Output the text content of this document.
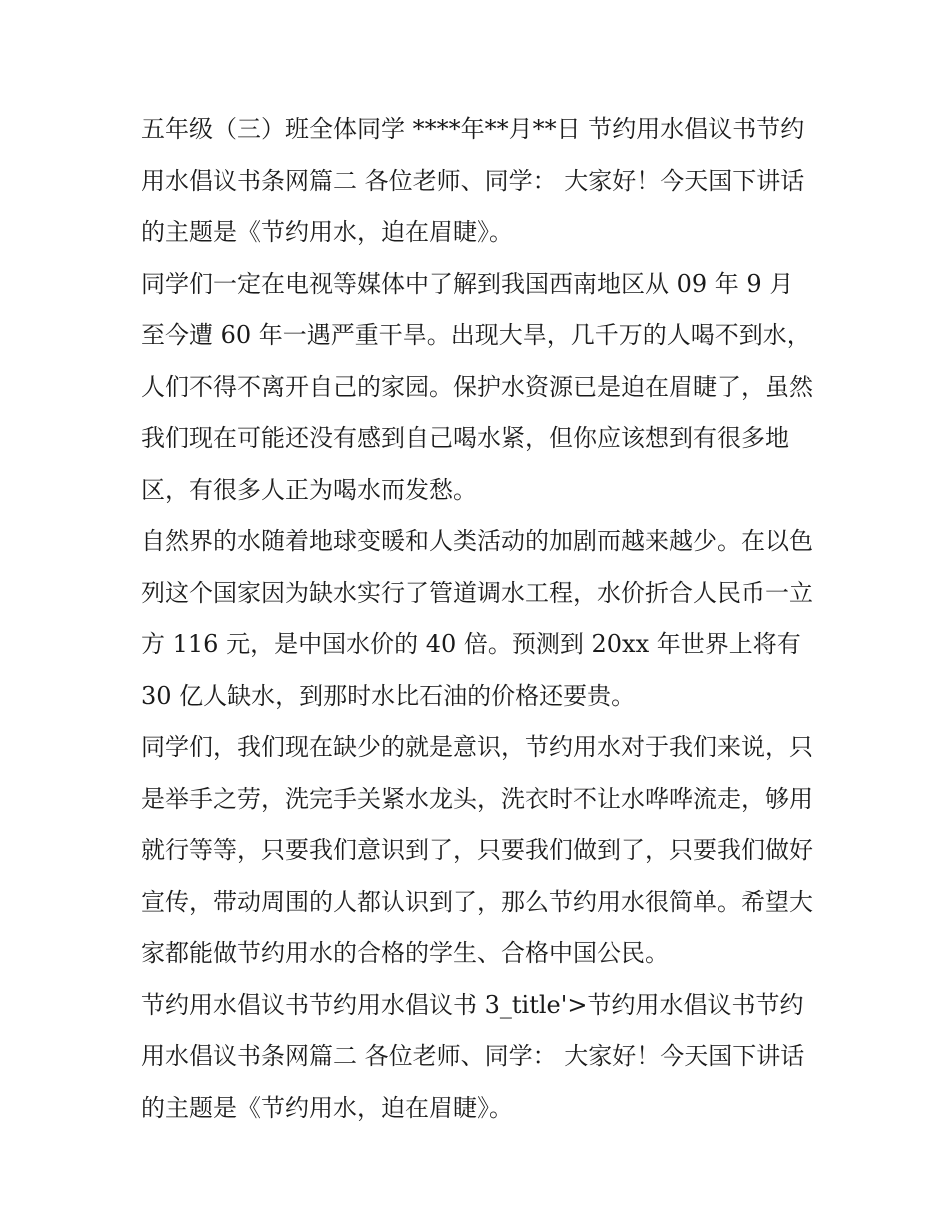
五年级（三）班全体同学 ****年**月**日 节约用水倡议书节约用水倡议书条网篇二 各位老师、同学： 大家好！今天国下讲话的主题是《节约用水，迫在眉睫》。

同学们一定在电视等媒体中了解到我国西南地区从 09 年 9 月至今遭 60 年一遇严重干旱。出现大旱，几千万的人喝不到水，人们不得不离开自己的家园。保护水资源已是迫在眉睫了，虽然我们现在可能还没有感到自己喝水紧，但你应该想到有很多地区，有很多人正为喝水而发愁。

自然界的水随着地球变暖和人类活动的加剧而越来越少。在以色列这个国家因为缺水实行了管道调水工程，水价折合人民币一立方 116 元，是中国水价的 40 倍。预测到 20xx 年世界上将有 30 亿人缺水，到那时水比石油的价格还要贵。

同学们，我们现在缺少的就是意识，节约用水对于我们来说，只是举手之劳，洗完手关紧水龙头，洗衣时不让水哗哗流走，够用就行等等，只要我们意识到了，只要我们做到了，只要我们做好宣传，带动周围的人都认识到了，那么节约用水很简单。希望大家都能做节约用水的合格的学生、合格中国公民。

节约用水倡议书节约用水倡议书 3_title'>节约用水倡议书节约用水倡议书条网篇二 各位老师、同学： 大家好！今天国下讲话的主题是《节约用水，迫在眉睫》。
